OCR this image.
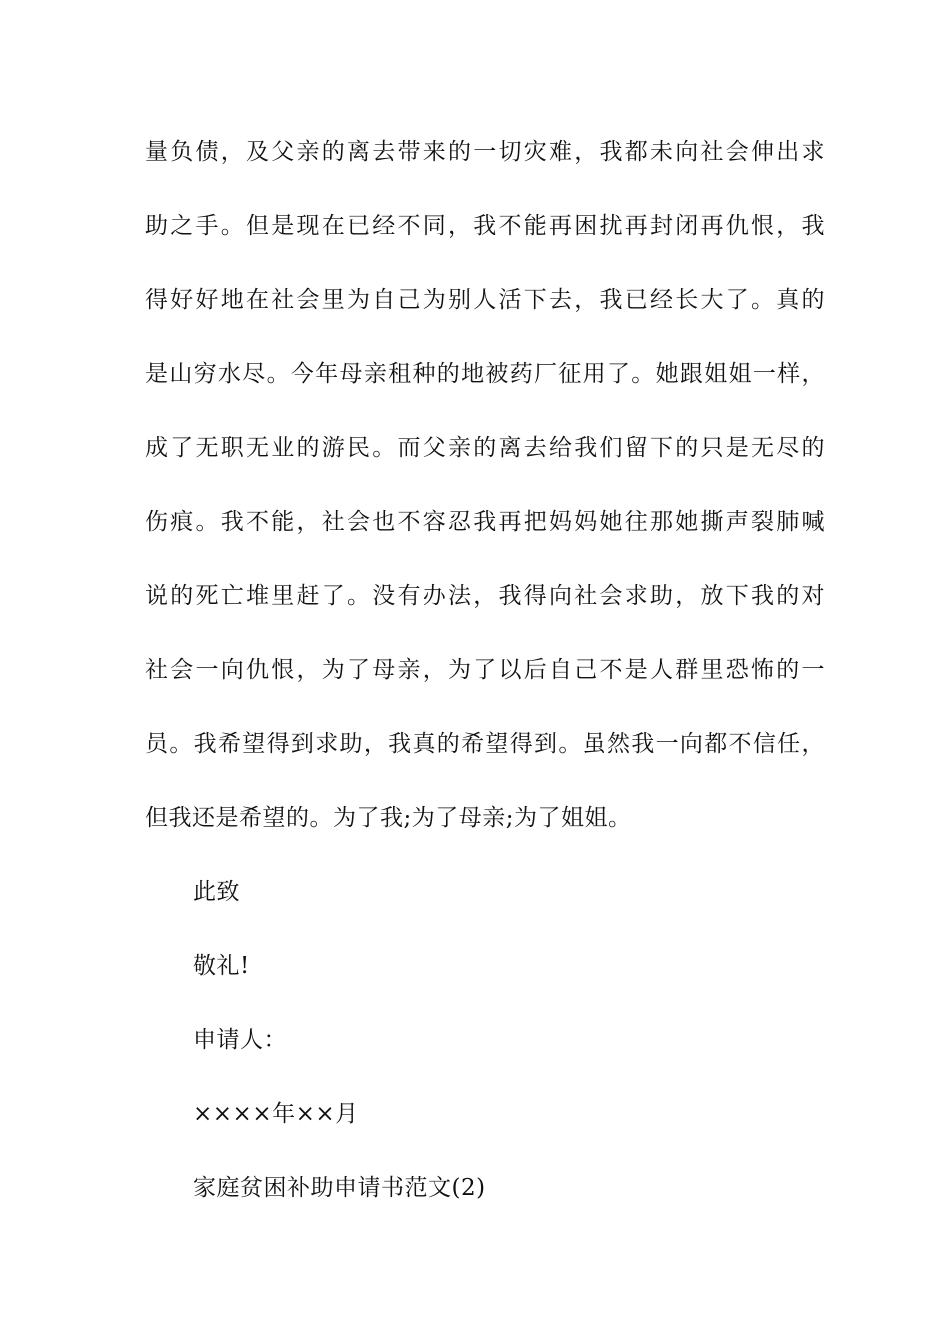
量负债，及父亲的离去带来的一切灾难，我都未向社会伸出求
助之手。但是现在已经不同，我不能再困扰再封闭再仇恨，我
得好好地在社会里为自己为别人活下去，我已经长大了。真的
是山穷水尽。今年母亲租种的地被药厂征用了。她跟姐姐一样，
成了无职无业的游民。而父亲的离去给我们留下的只是无尽的
伤痕。我不能，社会也不容忍我再把妈妈她往那她撕声裂肺喊
说的死亡堆里赶了。没有办法，我得向社会求助，放下我的对
社会一向仇恨，为了母亲，为了以后自己不是人群里恐怖的一
员。我希望得到求助，我真的希望得到。虽然我一向都不信任，
但我还是希望的。为了我;为了母亲;为了姐姐。
此致
敬礼!
申请人：
××××年××月
家庭贫困补助申请书范文(2)
